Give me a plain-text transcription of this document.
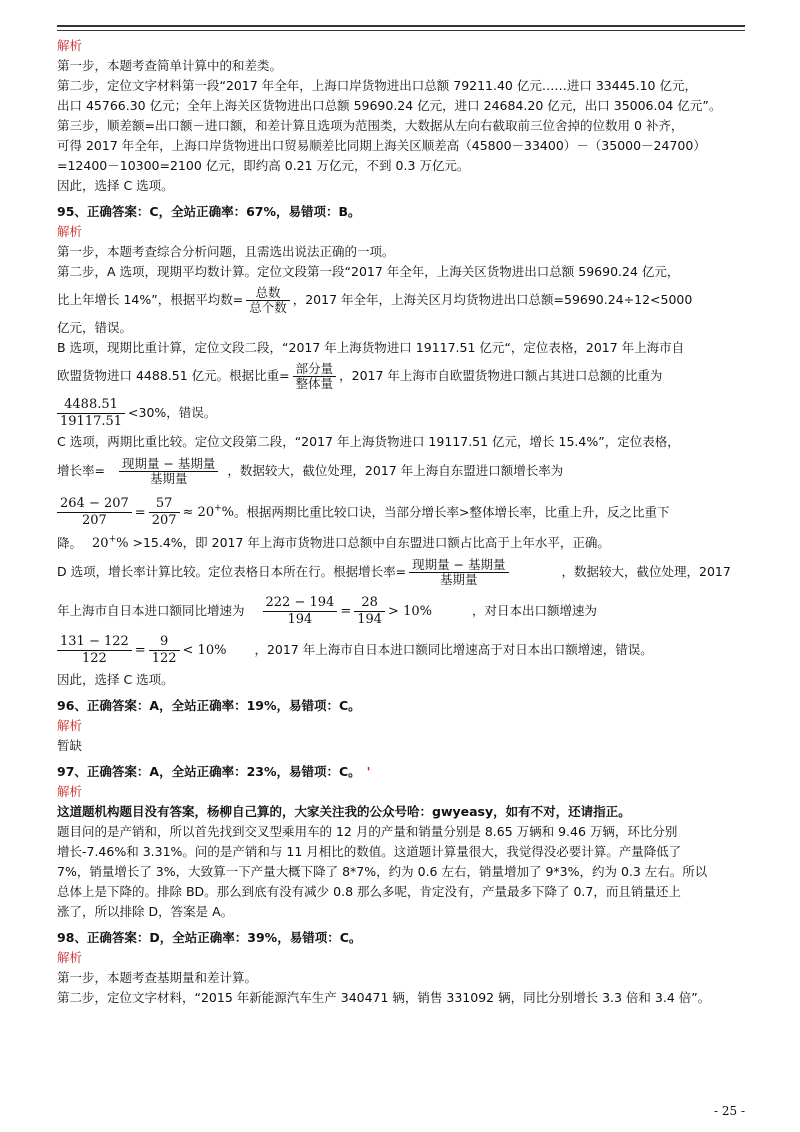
解析
第一步，本题考查简单计算中的和差类。
第二步，定位文字材料第一段“2017 年全年，上海口岸货物进出口总额 79211.40 亿元……进口 33445.10 亿元，
出口 45766.30 亿元；全年上海关区货物进出口总额 59690.24 亿元，进口 24684.20 亿元，出口 35006.04 亿元”。
第三步，顺差额=出口额－进口额，和差计算且选项为范围类，大数据从左向右截取前三位舍掉的位数用 0 补齐，
可得 2017 年全年，上海口岸货物进出口贸易顺差比同期上海关区顺差高（45800－33400）－（35000－24700）
=12400－10300=2100 亿元，即约高 0.21 万亿元，不到 0.3 万亿元。
因此，选择 C 选项。
95、正确答案：C，全站正确率：67%，易错项：B。
解析
第一步，本题考查综合分析问题，且需选出说法正确的一项。
第二步，A 选项，现期平均数计算。定位文段第一段“2017 年全年，上海关区货物进出口总额 59690.24 亿元，
比上年增长 14%”，根据平均数= $\frac{\text{总数}}{\text{总个数}}$ ，2017 年全年，上海关区月均货物进出口总额=59690.24÷12<5000
亿元，错误。
B 选项，现期比重计算，定位文段二段，“2017 年上海货物进口 19117.51 亿元“，定位表格，2017 年上海市自
欧盟货物进口 4488.51 亿元。根据比重= $\frac{\text{部分量}}{\text{整体量}}$ ，2017 年上海市自欧盟货物进口额占其进口总额的比重为
$\frac{4488.51}{19117.51} <30\%$，错误。
C 选项，两期比重比较。定位文段第二段，“2017 年上海货物进口 19117.51 亿元，增长 15.4%”，定位表格，
增长率= $\frac{\text{现期量 − 基期量}}{\text{基期量}}$ ，数据较大，截位处理，2017 年上海自东盟进口额增长率为
$\frac{264 - 207}{207} = \frac{57}{207} \approx 20^+\%$。根据两期比重比较口诀，当部分增长率>整体增长率，比重上升，反之比重下
降。 20+% >15.4%，即 2017 年上海市货物进口总额中自东盟进口额占比高于上年水平，正确。
D 选项，增长率计算比较。定位表格日本所在行。根据增长率= $\frac{\text{现期量 − 基期量}}{\text{基期量}}$	，数据较大，截位处理，2017
年上海市自日本进口额同比增速为 $\frac{222 - 194}{194} = \frac{28}{194} > 10\%$	，对日本出口额增速为
$\frac{131 - 122}{122} = \frac{9}{122} < 10\%$ ，2017 年上海市自日本进口额同比增速高于对日本出口额增速，错误。
因此，选择 C 选项。
96、正确答案：A，全站正确率：19%，易错项：C。
解析
暂缺
97、正确答案：A，全站正确率：23%，易错项：C。 '
解析
这道题机构题目没有答案，杨柳自己算的，大家关注我的公众号哈：gwyeasy，如有不对，还请指正。
题目问的是产销和，所以首先找到交叉型乘用车的 12 月的产量和销量分别是 8.65 万辆和 9.46 万辆，环比分别
增长-7.46%和 3.31%。问的是产销和与 11 月相比的数值。这道题计算量很大，我觉得没必要计算。产量降低了
7%，销量增长了 3%，大致算一下产量大概下降了 8*7%，约为 0.6 左右，销量增加了 9*3%，约为 0.3 左右。所以
总体上是下降的。排除 BD。那么到底有没有减少 0.8 那么多呢，肯定没有，产量最多下降了 0.7，而且销量还上
涨了，所以排除 D，答案是 A。
98、正确答案：D，全站正确率：39%，易错项：C。
解析
第一步，本题考查基期量和差计算。
第二步，定位文字材料，“2015 年新能源汽车生产 340471 辆，销售 331092 辆，同比分别增长 3.3 倍和 3.4 倍”。
- 25 -
